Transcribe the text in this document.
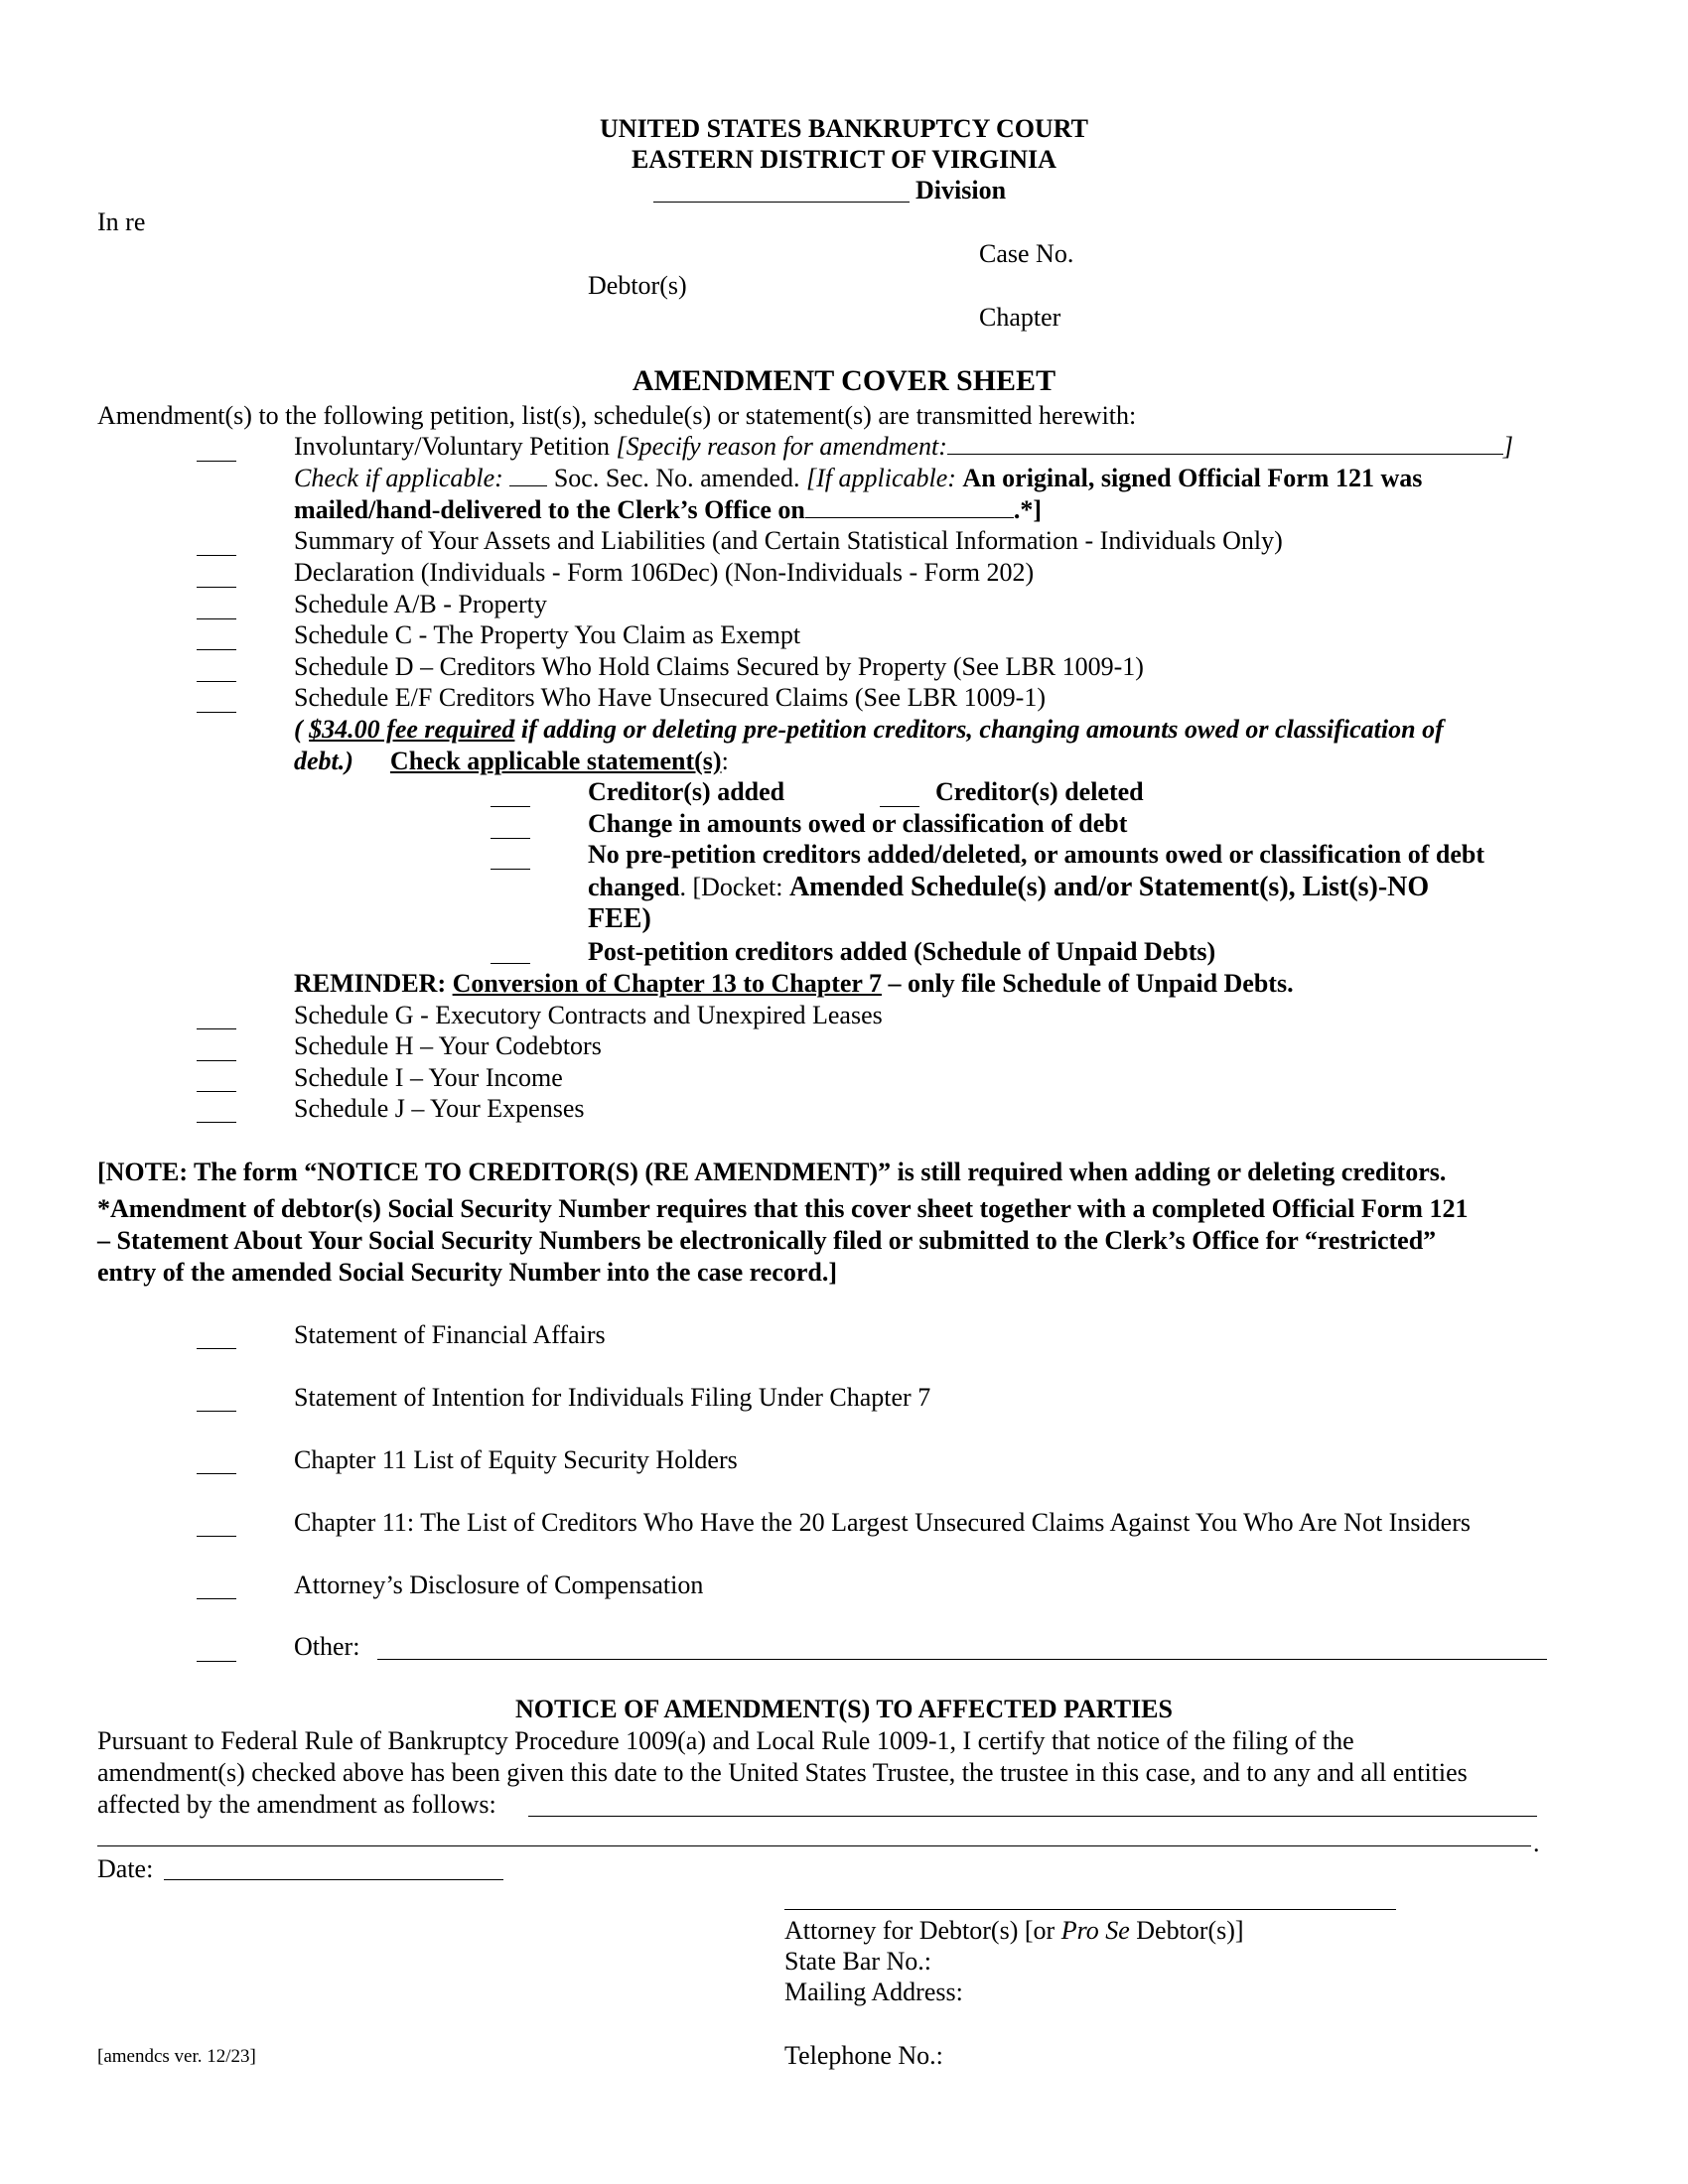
UNITED STATES BANKRUPTCY COURT
EASTERN DISTRICT OF VIRGINIA
Division
In re
Case No.
Debtor(s)
Chapter
AMENDMENT COVER SHEET
Amendment(s) to the following petition, list(s), schedule(s) or statement(s) are transmitted herewith:
Involuntary/Voluntary Petition [Specify reason for amendment:	]
Check if applicable: Soc. Sec. No. amended. [If applicable: An original, signed Official Form 121 was
mailed/hand-delivered to the Clerk’s Office on	.*]
Summary of Your Assets and Liabilities (and Certain Statistical Information - Individuals Only)
Declaration (Individuals - Form 106Dec) (Non-Individuals - Form 202)
Schedule A/B - Property
Schedule C - The Property You Claim as Exempt
Schedule D – Creditors Who Hold Claims Secured by Property (See LBR 1009-1)
Schedule E/F Creditors Who Have Unsecured Claims (See LBR 1009-1)
( $34.00 fee required if adding or deleting pre-petition creditors, changing amounts owed or classification of
debt.) Check applicable statement(s):
Creditor(s) added	Creditor(s) deleted
Change in amounts owed or classification of debt
No pre-petition creditors added/deleted, or amounts owed or classification of debt
changed. [Docket: Amended Schedule(s) and/or Statement(s), List(s)-NO
FEE)
Post-petition creditors added (Schedule of Unpaid Debts)
REMINDER: Conversion of Chapter 13 to Chapter 7 – only file Schedule of Unpaid Debts.
Schedule G - Executory Contracts and Unexpired Leases
Schedule H – Your Codebtors
Schedule I – Your Income
Schedule J – Your Expenses
[NOTE: The form “NOTICE TO CREDITOR(S) (RE AMENDMENT)” is still required when adding or deleting creditors.
*Amendment of debtor(s) Social Security Number requires that this cover sheet together with a completed Official Form 121
– Statement About Your Social Security Numbers be electronically filed or submitted to the Clerk’s Office for “restricted”
entry of the amended Social Security Number into the case record.]
Statement of Financial Affairs
Statement of Intention for Individuals Filing Under Chapter 7
Chapter 11 List of Equity Security Holders
Chapter 11: The List of Creditors Who Have the 20 Largest Unsecured Claims Against You Who Are Not Insiders
Attorney’s Disclosure of Compensation
Other:
NOTICE OF AMENDMENT(S) TO AFFECTED PARTIES
Pursuant to Federal Rule of Bankruptcy Procedure 1009(a) and Local Rule 1009-1, I certify that notice of the filing of the
amendment(s) checked above has been given this date to the United States Trustee, the trustee in this case, and to any and all entities
affected by the amendment as follows:
.
Date:
Attorney for Debtor(s) [or Pro Se Debtor(s)]
State Bar No.:
Mailing Address:
Telephone No.:
[amendcs ver. 12/23]
